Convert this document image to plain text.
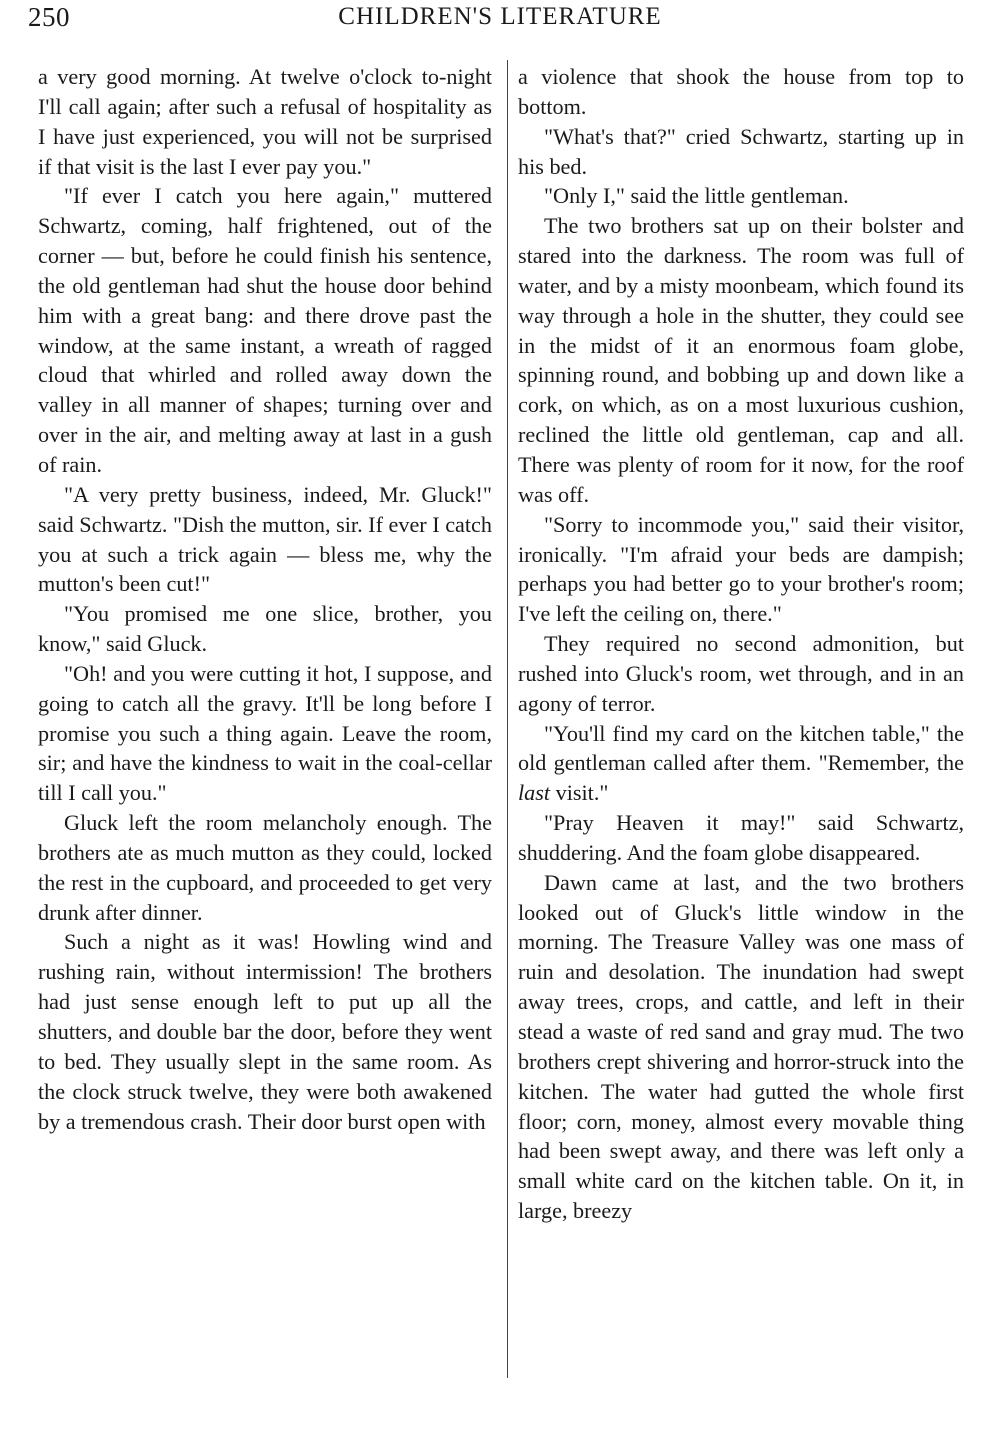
250	CHILDREN'S LITERATURE

a very good morning. At twelve o'clock to-night I'll call again; after such a refusal of hospitality as I have just experienced, you will not be surprised if that visit is the last I ever pay you."

"If ever I catch you here again," muttered Schwartz, coming, half frightened, out of the corner — but, before he could finish his sentence, the old gentleman had shut the house door behind him with a great bang: and there drove past the window, at the same instant, a wreath of ragged cloud that whirled and rolled away down the valley in all manner of shapes; turning over and over in the air, and melting away at last in a gush of rain.

"A very pretty business, indeed, Mr. Gluck!" said Schwartz. "Dish the mutton, sir. If ever I catch you at such a trick again — bless me, why the mutton's been cut!"

"You promised me one slice, brother, you know," said Gluck.

"Oh! and you were cutting it hot, I suppose, and going to catch all the gravy. It'll be long before I promise you such a thing again. Leave the room, sir; and have the kindness to wait in the coal-cellar till I call you."

Gluck left the room melancholy enough. The brothers ate as much mutton as they could, locked the rest in the cupboard, and proceeded to get very drunk after dinner.

Such a night as it was! Howling wind and rushing rain, without intermission! The brothers had just sense enough left to put up all the shutters, and double bar the door, before they went to bed. They usually slept in the same room. As the clock struck twelve, they were both awakened by a tremendous crash. Their door burst open with

a violence that shook the house from top to bottom.

"What's that?" cried Schwartz, starting up in his bed.

"Only I," said the little gentleman.

The two brothers sat up on their bolster and stared into the darkness. The room was full of water, and by a misty moonbeam, which found its way through a hole in the shutter, they could see in the midst of it an enormous foam globe, spinning round, and bobbing up and down like a cork, on which, as on a most luxurious cushion, reclined the little old gentleman, cap and all. There was plenty of room for it now, for the roof was off.

"Sorry to incommode you," said their visitor, ironically. "I'm afraid your beds are dampish; perhaps you had better go to your brother's room; I've left the ceiling on, there."

They required no second admonition, but rushed into Gluck's room, wet through, and in an agony of terror.

"You'll find my card on the kitchen table," the old gentleman called after them. "Remember, the last visit."

"Pray Heaven it may!" said Schwartz, shuddering. And the foam globe disappeared.

Dawn came at last, and the two brothers looked out of Gluck's little window in the morning. The Treasure Valley was one mass of ruin and desolation. The inundation had swept away trees, crops, and cattle, and left in their stead a waste of red sand and gray mud. The two brothers crept shivering and horror-struck into the kitchen. The water had gutted the whole first floor; corn, money, almost every movable thing had been swept away, and there was left only a small white card on the kitchen table. On it, in large, breezy
